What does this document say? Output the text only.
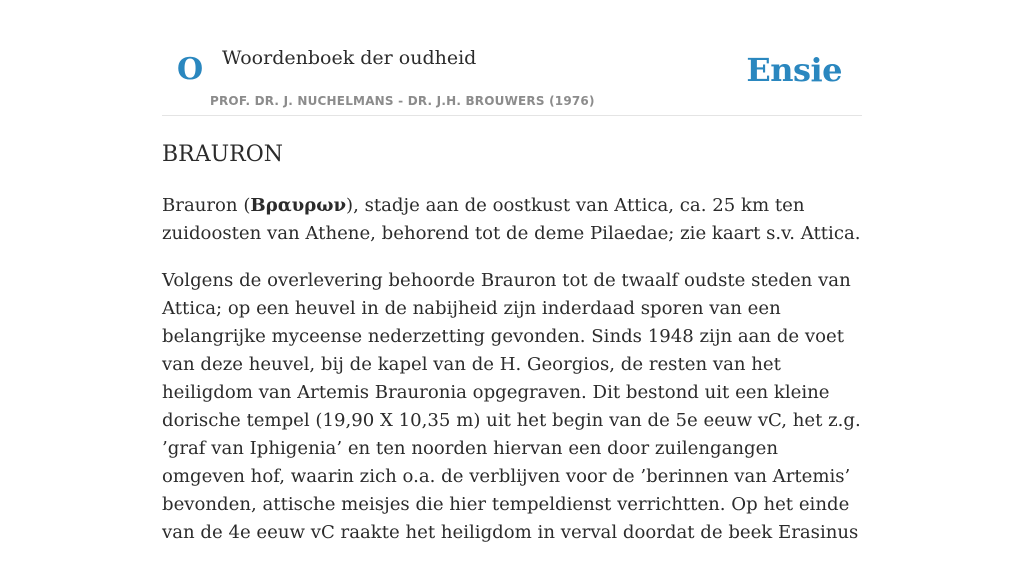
O Woordenboek der oudheid
PROF. DR. J. NUCHELMANS - DR. J.H. BROUWERS (1976)
Ensie
BRAURON

Brauron (Βραυρων), stadje aan de oostkust van Attica, ca. 25 km ten zuidoosten van Athene, behorend tot de deme Pilaedae; zie kaart s.v. Attica.

Volgens de overlevering behoorde Brauron tot de twaalf oudste steden van Attica; op een heuvel in de nabijheid zijn inderdaad sporen van een belangrijke myceense nederzetting gevonden. Sinds 1948 zijn aan de voet van deze heuvel, bij de kapel van de H. Georgios, de resten van het heiligdom van Artemis Brauronia opgegraven. Dit bestond uit een kleine dorische tempel (19,90 X 10,35 m) uit het begin van de 5e eeuw vC, het z.g. ’graf van Iphigenia’ en ten noorden hiervan een door zuilengangen omgeven hof, waarin zich o.a. de verblijven voor de ’berinnen van Artemis’ bevonden, attische meisjes die hier tempeldienst verrichtten. Op het einde van de 4e eeuw vC raakte het heiligdom in verval doordat de beek Erasinus
